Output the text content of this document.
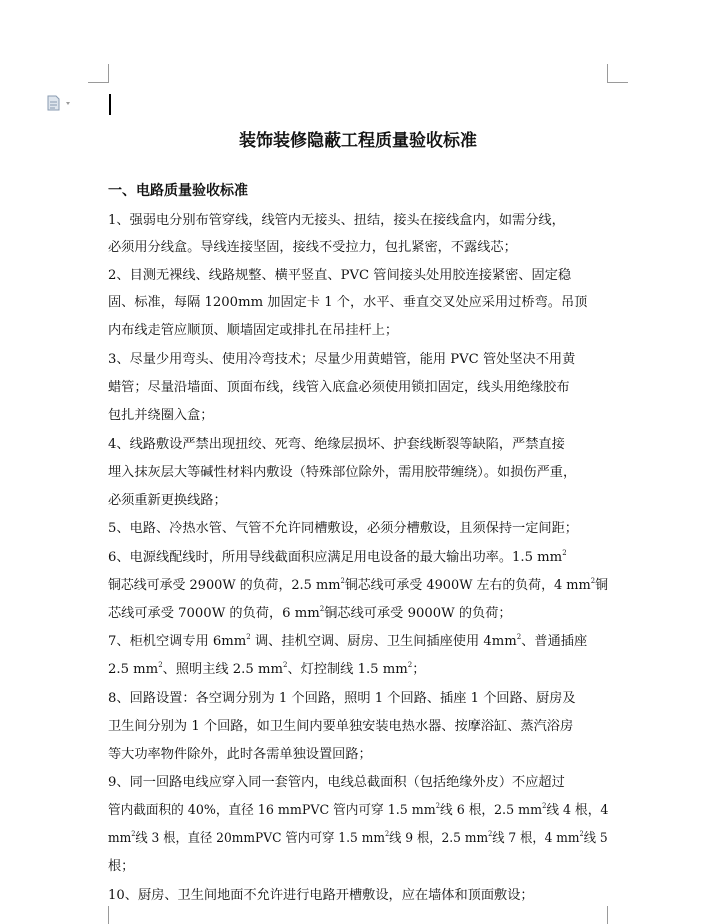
装饰装修隐蔽工程质量验收标准
一、电路质量验收标准
1、强弱电分别布管穿线，线管内无接头、扭结，接头在接线盒内，如需分线，
必须用分线盒。导线连接坚固，接线不受拉力，包扎紧密，不露线芯；
2、目测无裸线、线路规整、横平竖直、PVC 管间接头处用胶连接紧密、固定稳
固、标准，每隔 1200mm 加固定卡 1 个，水平、垂直交叉处应采用过桥弯。吊顶
内布线走管应顺顶、顺墙固定或排扎在吊挂杆上；
3、尽量少用弯头、使用冷弯技术；尽量少用黄蜡管，能用 PVC 管处坚决不用黄
蜡管；尽量沿墙面、顶面布线，线管入底盒必须使用锁扣固定，线头用绝缘胶布
包扎并绕圈入盒；
4、线路敷设严禁出现扭绞、死弯、绝缘层损坏、护套线断裂等缺陷，严禁直接
埋入抹灰层大等碱性材料内敷设（特殊部位除外，需用胶带缠绕）。如损伤严重，
必须重新更换线路；
5、电路、冷热水管、气管不允许同槽敷设，必须分槽敷设，且须保持一定间距；
6、电源线配线时，所用导线截面积应满足用电设备的最大输出功率。1.5 $mm^2$
铜芯线可承受 2900W 的负荷，2.5 $mm^2$铜芯线可承受 4900W 左右的负荷，4 $mm^2$铜
芯线可承受 7000W 的负荷，6 $mm^2$铜芯线可承受 9000W 的负荷；
7、柜机空调专用 $6mm^2$ 调、挂机空调、厨房、卫生间插座使用 $4mm^2$、普通插座
2.5 $mm^2$、照明主线 2.5 $mm^2$、灯控制线 1.5 $mm^2$；
8、回路设置：各空调分别为 1 个回路，照明 1 个回路、插座 1 个回路、厨房及
卫生间分别为 1 个回路，如卫生间内要单独安装电热水器、按摩浴缸、蒸汽浴房
等大功率物件除外，此时各需单独设置回路；
9、同一回路电线应穿入同一套管内，电线总截面积（包括绝缘外皮）不应超过
管内截面积的 40%，直径 16 mmPVC 管内可穿 1.5 $mm^2$线 6 根，2.5 $mm^2$线 4 根，4
$mm^2$线 3 根，直径 20mmPVC 管内可穿 1.5 $mm^2$线 9 根，2.5 $mm^2$线 7 根，4 $mm^2$线 5
根；
10、厨房、卫生间地面不允许进行电路开槽敷设，应在墙体和顶面敷设；
